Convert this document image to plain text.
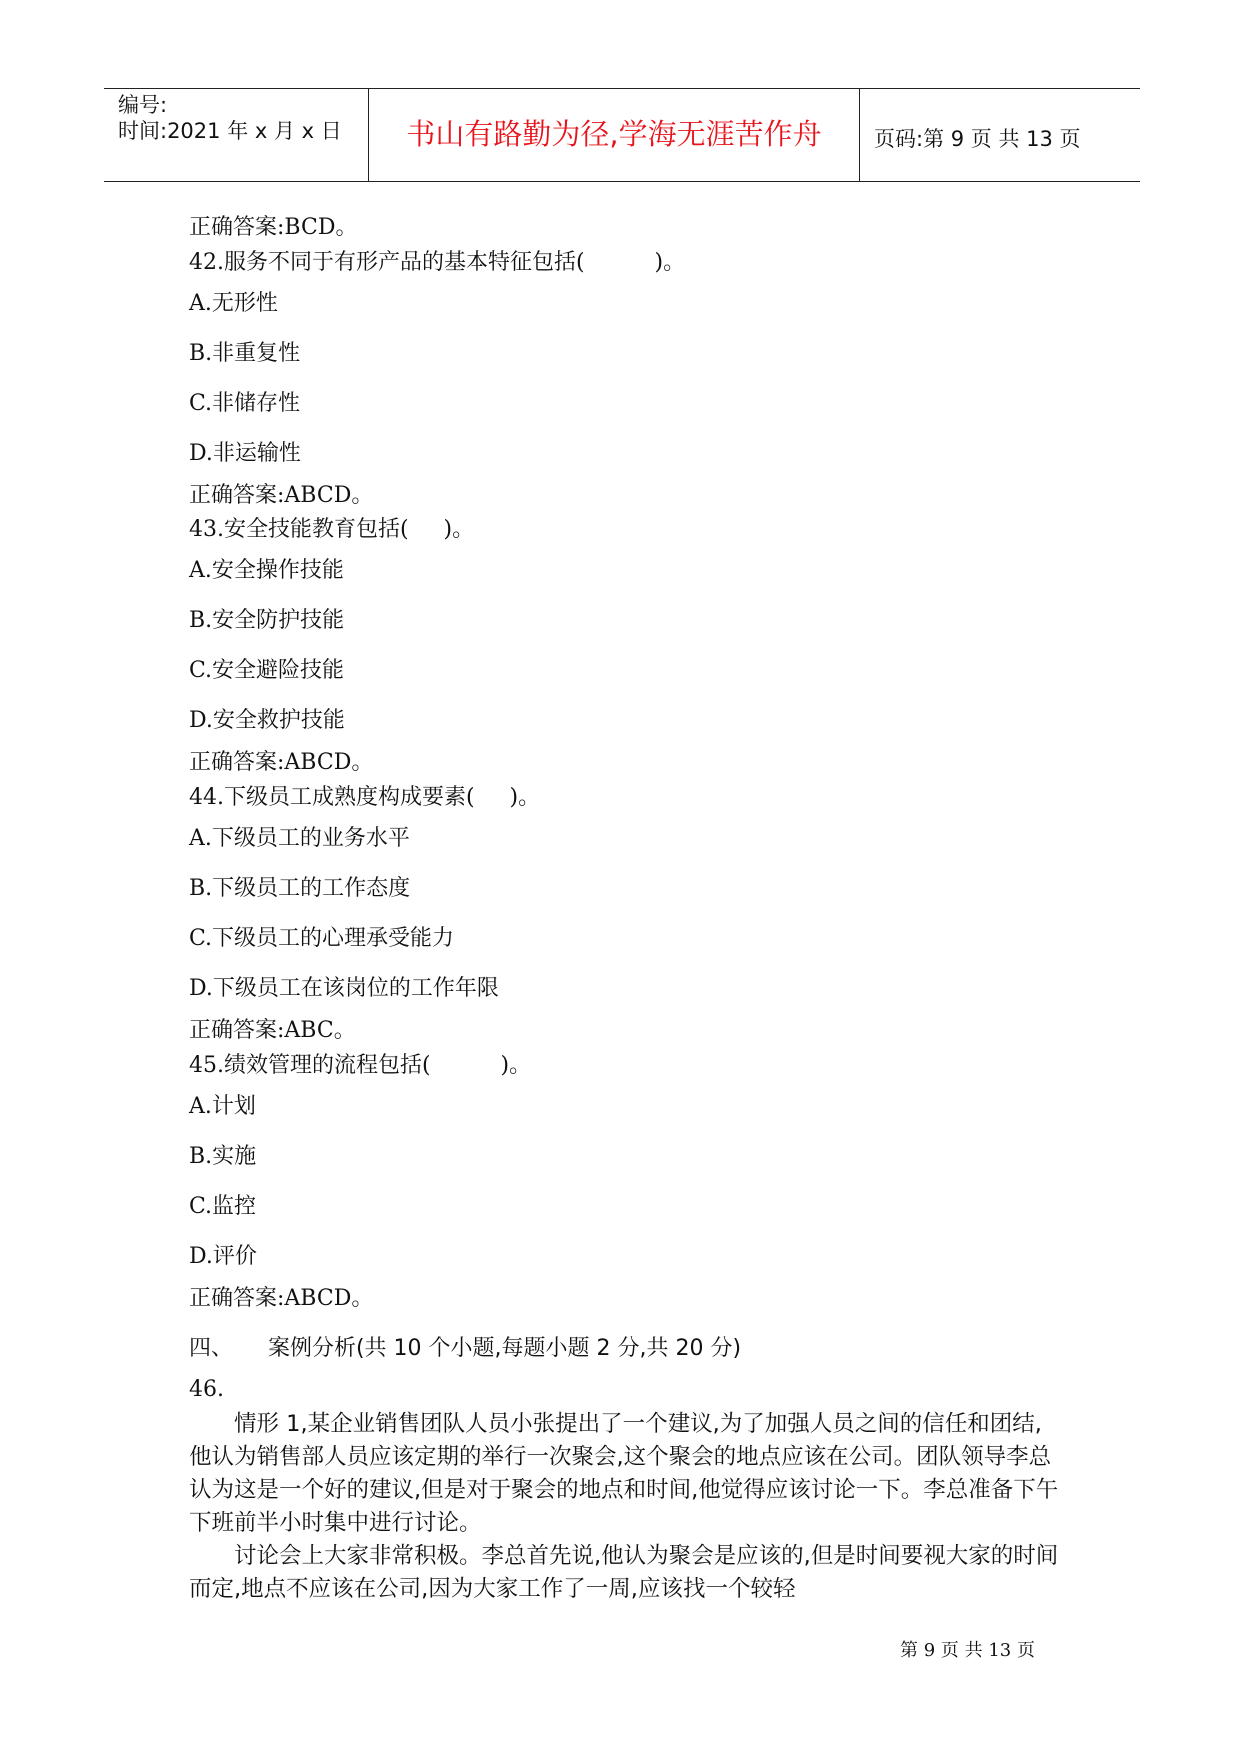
编号:
时间:2021 年 x 月 x 日	书山有路勤为径,学海无涯苦作舟	页码:第 9 页 共 13 页
正确答案:BCD。
42.服务不同于有形产品的基本特征包括(          )。
A.无形性
B.非重复性
C.非储存性
D.非运输性
正确答案:ABCD。
43.安全技能教育包括(     )。
A.安全操作技能
B.安全防护技能
C.安全避险技能
D.安全救护技能
正确答案:ABCD。
44.下级员工成熟度构成要素(     )。
A.下级员工的业务水平
B.下级员工的工作态度
C.下级员工的心理承受能力
D.下级员工在该岗位的工作年限
正确答案:ABC。
45.绩效管理的流程包括(          )。
A.计划
B.实施
C.监控
D.评价
正确答案:ABCD。
四、     案例分析(共 10 个小题,每题小题 2 分,共 20 分)
46.

情形 1,某企业销售团队人员小张提出了一个建议,为了加强人员之间的信任和团结,他认为销售部人员应该定期的举行一次聚会,这个聚会的地点应该在公司。团队领导李总认为这是一个好的建议,但是对于聚会的地点和时间,他觉得应该讨论一下。李总准备下午下班前半小时集中进行讨论。

讨论会上大家非常积极。李总首先说,他认为聚会是应该的,但是时间要视大家的时间而定,地点不应该在公司,因为大家工作了一周,应该找一个较轻

第 9 页 共 13 页
